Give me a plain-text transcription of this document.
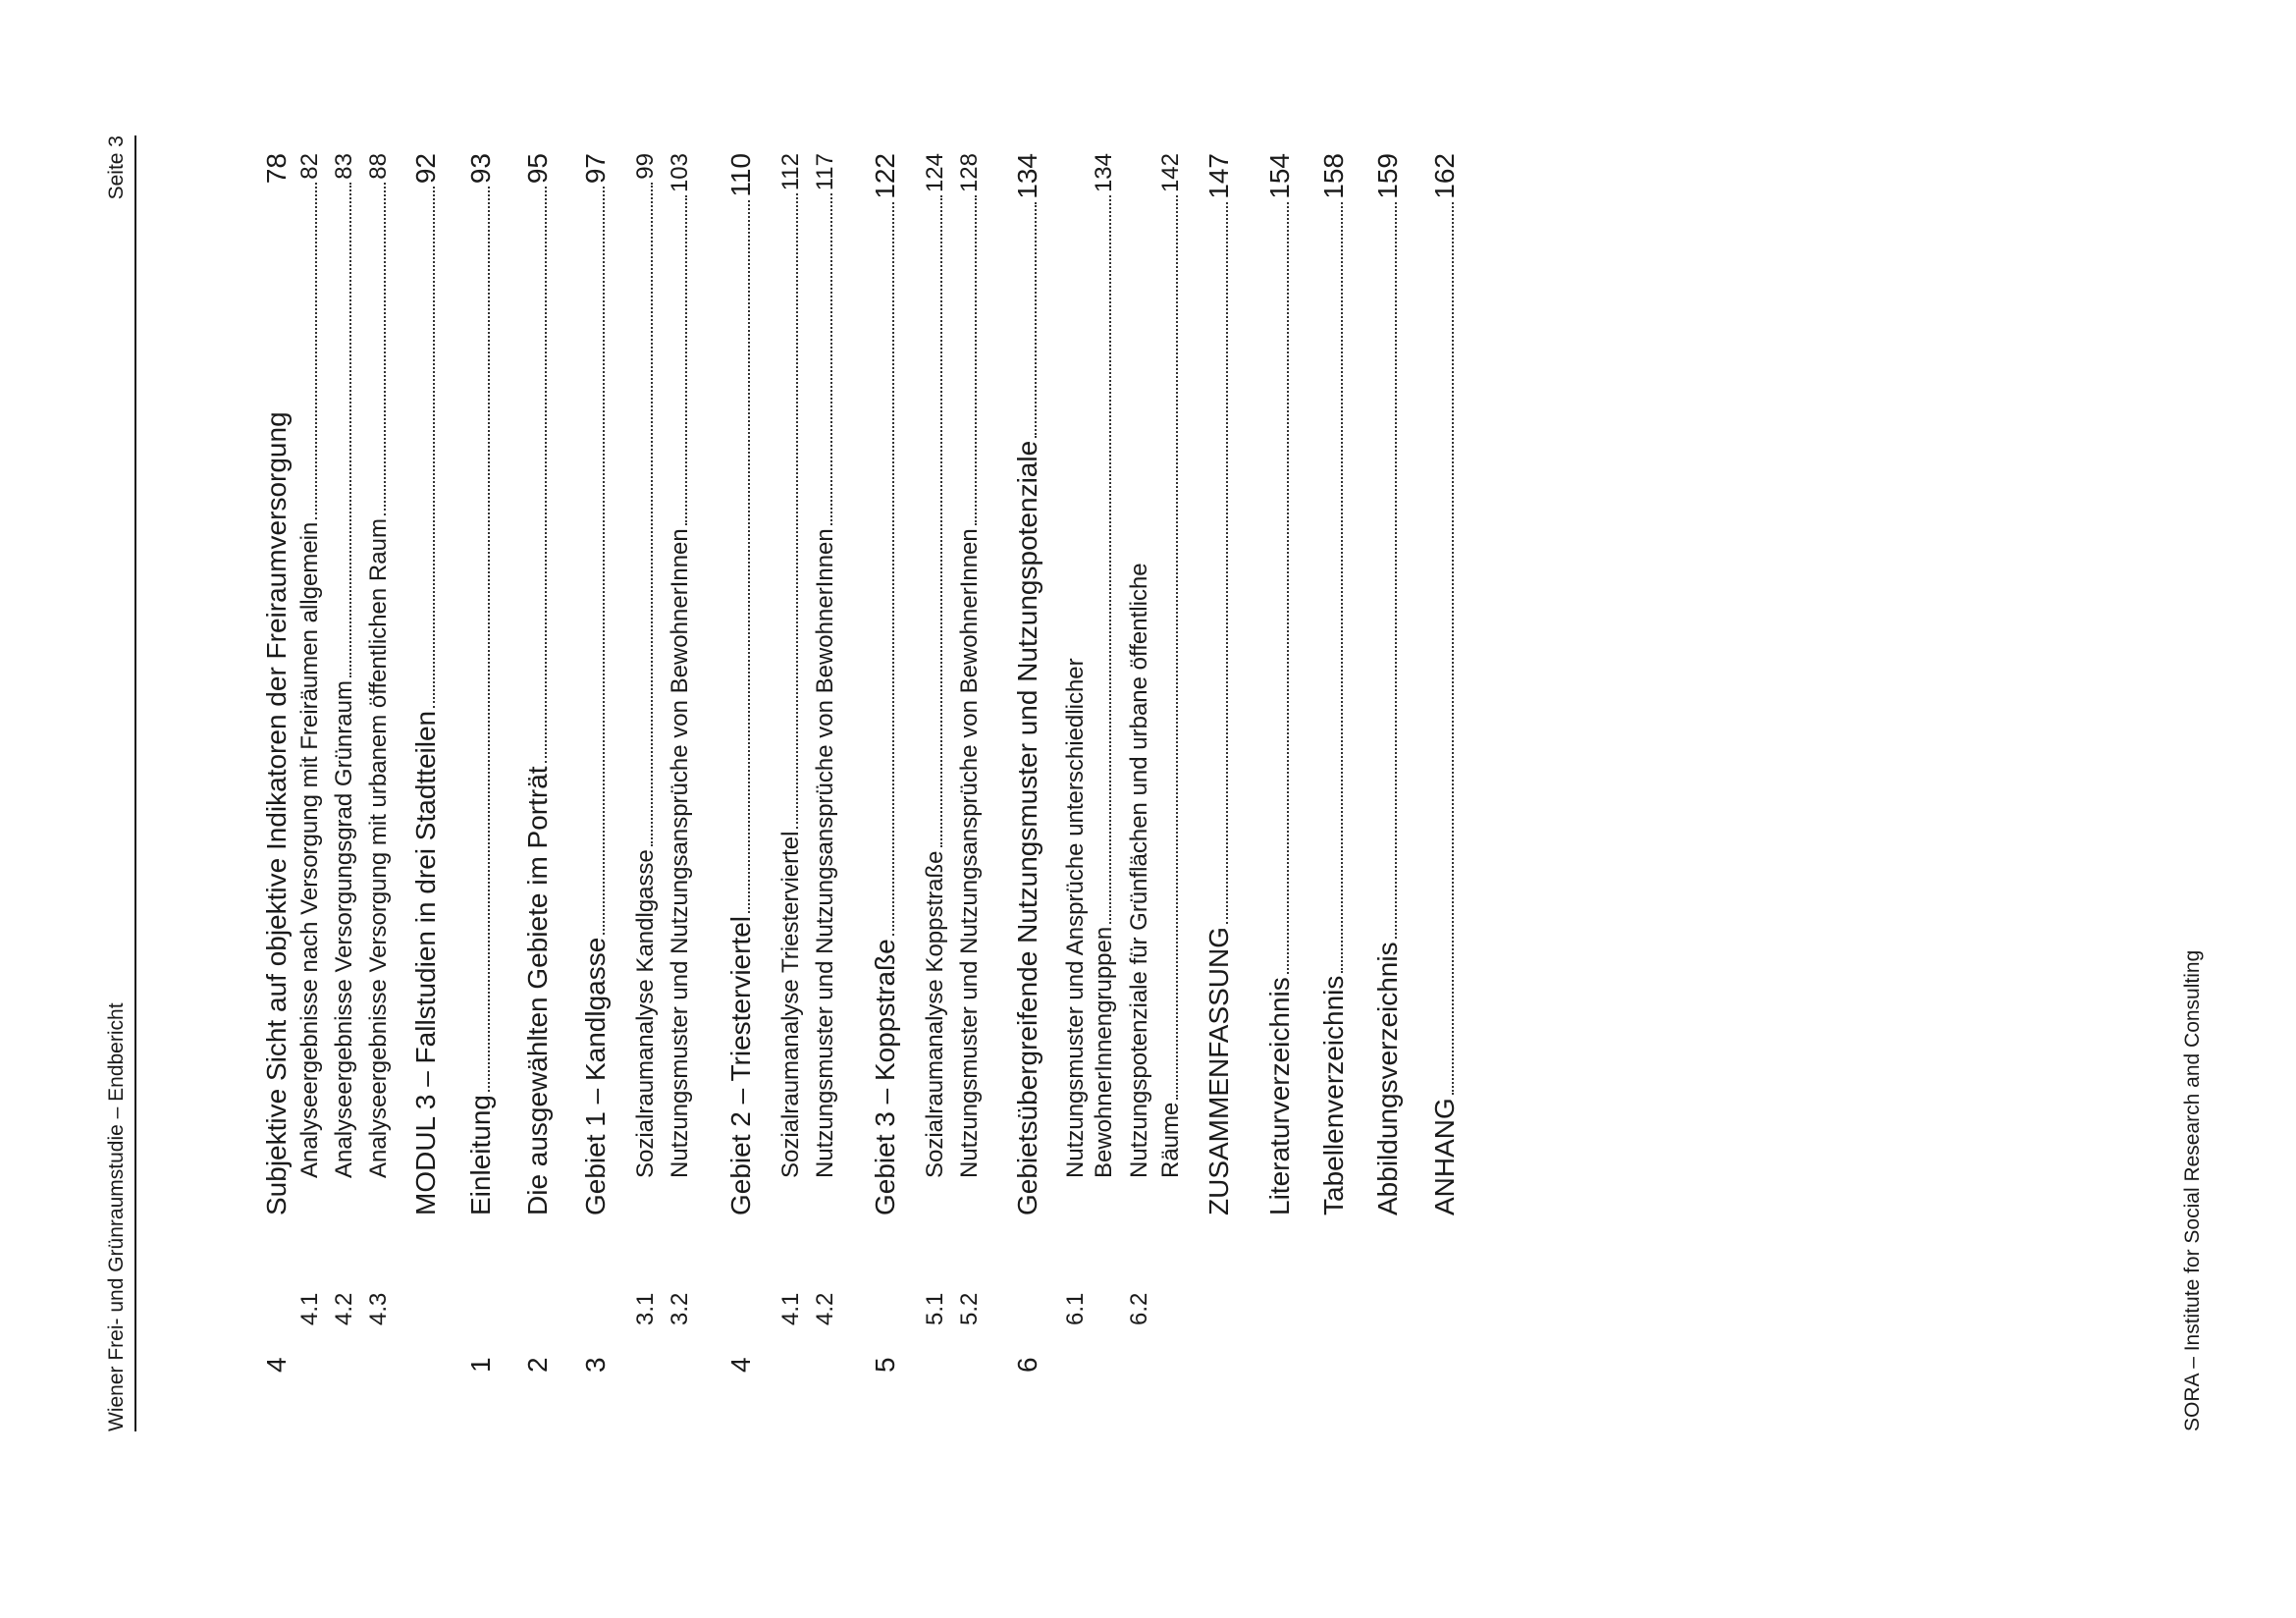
Wiener Frei- und Grünraumstudie – Endbericht
Seite 3
4
Subjektive Sicht auf objektive Indikatoren der Freiraumversorgung
78
4.1
Analyseergebnisse nach Versorgung mit Freiräumen allgemein
82
4.2
Analyseergebnisse Versorgungsgrad Grünraum
83
4.3
Analyseergebnisse Versorgung mit urbanem öffentlichen Raum
88
MODUL 3 – Fallstudien in drei Stadtteilen
92
1
Einleitung
93
2
Die ausgewählten Gebiete im Porträt
95
3
Gebiet 1 – Kandlgasse
97
3.1
Sozialraumanalyse Kandlgasse
99
3.2
Nutzungsmuster und Nutzungsansprüche von BewohnerInnen
103
4
Gebiet 2 – Triesterviertel
110
4.1
Sozialraumanalyse Triesterviertel
112
4.2
Nutzungsmuster und Nutzungsansprüche von BewohnerInnen
117
5
Gebiet 3 – Koppstraße
122
5.1
Sozialraumanalyse Koppstraße
124
5.2
Nutzungsmuster und Nutzungsansprüche von BewohnerInnen
128
6
Gebietsübergreifende Nutzungsmuster und Nutzungspotenziale
134
6.1
Nutzungsmuster und Ansprüche unterschiedlicher BewohnerInnengruppen
134
6.2
Nutzungspotenziale für Grünflächen und urbane öffentliche Räume
142
ZUSAMMENFASSUNG
147
Literaturverzeichnis
154
Tabellenverzeichnis
158
Abbildungsverzeichnis
159
ANHANG
162
SORA – Institute for Social Research and Consulting
